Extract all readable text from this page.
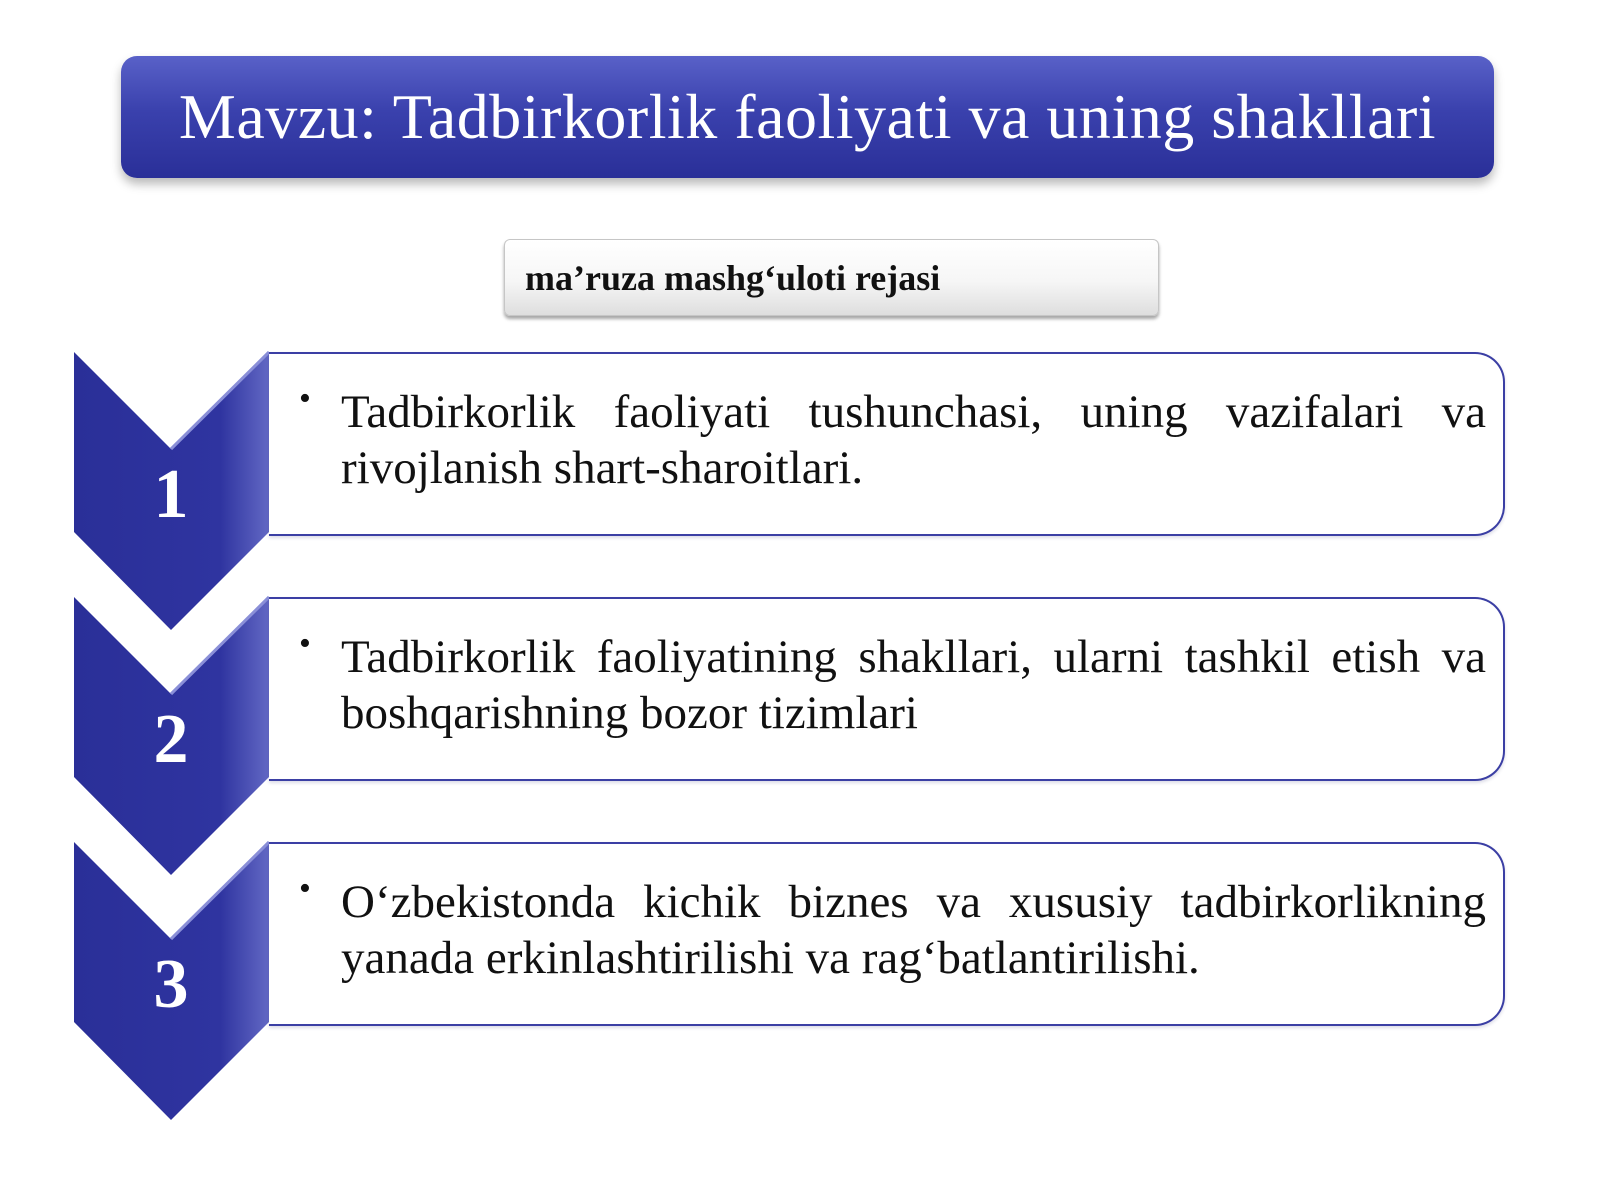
Mavzu: Tadbirkorlik faoliyati va uning shakllari
ma’ruza mashg‘uloti rejasi
1
2
3
• Tadbirkorlik faoliyati tushunchasi, uning vazifalari va rivojlanish shart-sharoitlari.
• Tadbirkorlik faoliyatining shakllari, ularni tashkil etish va boshqarishning bozor tizimlari
• O‘zbekistonda kichik biznes va xususiy tadbirkorlikning yanada erkinlashtirilishi va rag‘batlantirilishi.
